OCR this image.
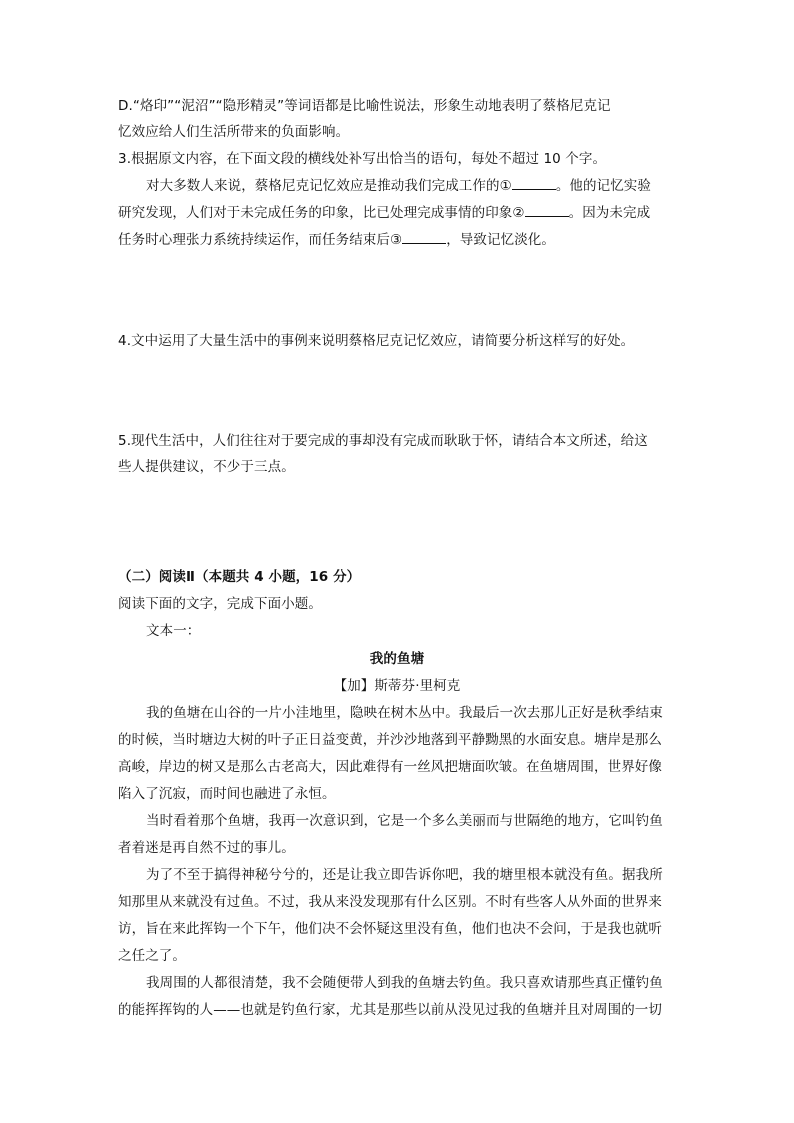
D.“烙印”“泥沼”“隐形精灵”等词语都是比喻性说法，形象生动地表明了蔡格尼克记
忆效应给人们生活所带来的负面影响。
3.根据原文内容，在下面文段的横线处补写出恰当的语句，每处不超过 10 个字。
对大多数人来说，蔡格尼克记忆效应是推动我们完成工作的①	。他的记忆实验
研究发现，人们对于未完成任务的印象，比已处理完成事情的印象②	。因为未完成
任务时心理张力系统持续运作，而任务结束后③	，导致记忆淡化。
4.文中运用了大量生活中的事例来说明蔡格尼克记忆效应，请简要分析这样写的好处。
5.现代生活中，人们往往对于要完成的事却没有完成而耿耿于怀，请结合本文所述，给这
些人提供建议，不少于三点。
（二）阅读Ⅱ（本题共 4 小题，16 分）
阅读下面的文字，完成下面小题。
文本一：
我的鱼塘
【加】斯蒂芬·里柯克
我的鱼塘在山谷的一片小洼地里，隐映在树木丛中。我最后一次去那儿正好是秋季结束
的时候，当时塘边大树的叶子正日益变黄，并沙沙地落到平静黝黑的水面安息。塘岸是那么
高峻，岸边的树又是那么古老高大，因此难得有一丝风把塘面吹皱。在鱼塘周围，世界好像
陷入了沉寂，而时间也融进了永恒。
当时看着那个鱼塘，我再一次意识到，它是一个多么美丽而与世隔绝的地方，它叫钓鱼
者着迷是再自然不过的事儿。
为了不至于搞得神秘兮兮的，还是让我立即告诉你吧，我的塘里根本就没有鱼。据我所
知那里从来就没有过鱼。不过，我从来没发现那有什么区别。不时有些客人从外面的世界来
访，旨在来此挥钩一个下午，他们决不会怀疑这里没有鱼，他们也决不会问，于是我也就听
之任之了。
我周围的人都很清楚，我不会随便带人到我的鱼塘去钓鱼。我只喜欢请那些真正懂钓鱼
的能挥挥钩的人——也就是钓鱼行家，尤其是那些以前从没见过我的鱼塘并且对周围的一切
